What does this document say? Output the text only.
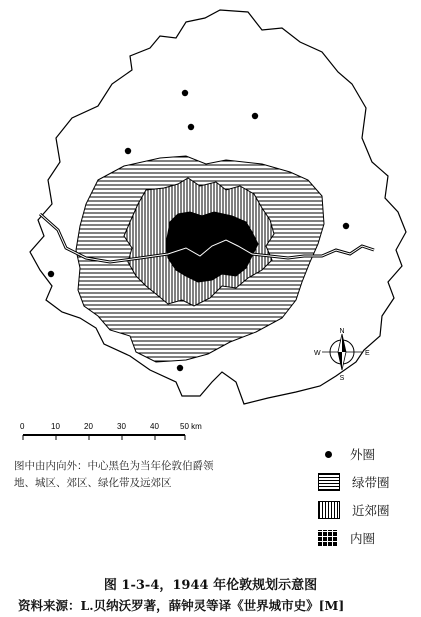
N
S
E
W
0	10	20	30	40	50 km
图中由内向外：中心黑色为当年伦敦伯爵领
地、城区、郊区、绿化带及远郊区
外圈
绿带圈
近郊圈
内圈
图 1-3-4，1944 年伦敦规划示意图
资料来源：L.贝纳沃罗著，薛钟灵等译《世界城市史》[M]
